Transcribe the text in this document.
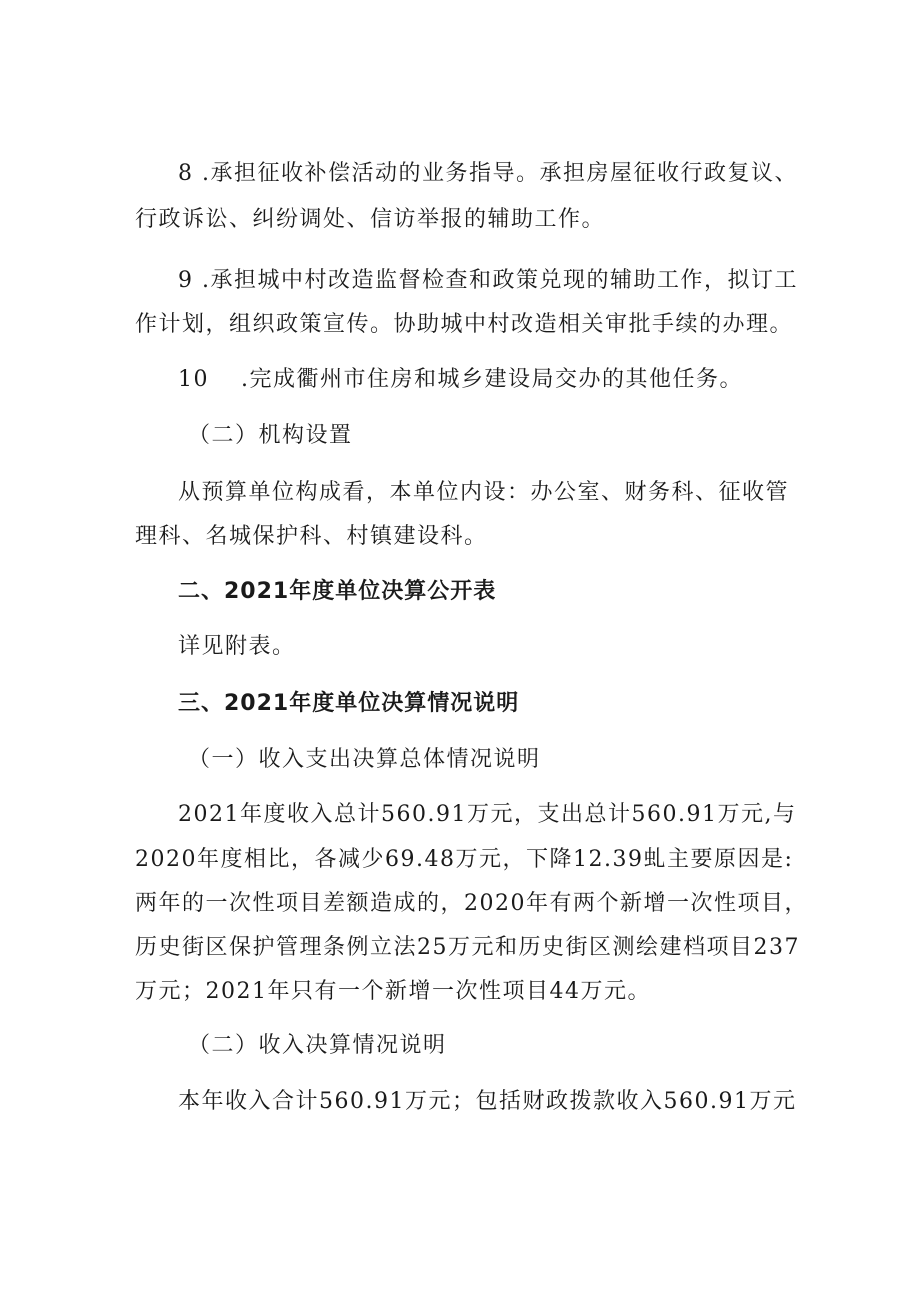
8 .承担征收补偿活动的业务指导。承担房屋征收行政复议、
行政诉讼、纠纷调处、信访举报的辅助工作。
9 .承担城中村改造监督检查和政策兑现的辅助工作，拟订工
作计划，组织政策宣传。协助城中村改造相关审批手续的办理。
10　 .完成衢州市住房和城乡建设局交办的其他任务。
（二）机构设置
从预算单位构成看，本单位内设：办公室、财务科、征收管
理科、名城保护科、村镇建设科。
二、2021年度单位决算公开表
详见附表。
三、2021年度单位决算情况说明
（一）收入支出决算总体情况说明
2021年度收入总计560.91万元，支出总计560.91万元,与
2020年度相比，各减少69.48万元，下降12.39虬主要原因是:
两年的一次性项目差额造成的，2020年有两个新增一次性项目，
历史街区保护管理条例立法25万元和历史街区测绘建档项目237
万元；2021年只有一个新增一次性项目44万元。
（二）收入决算情况说明
本年收入合计560.91万元；包括财政拨款收入560.91万元
